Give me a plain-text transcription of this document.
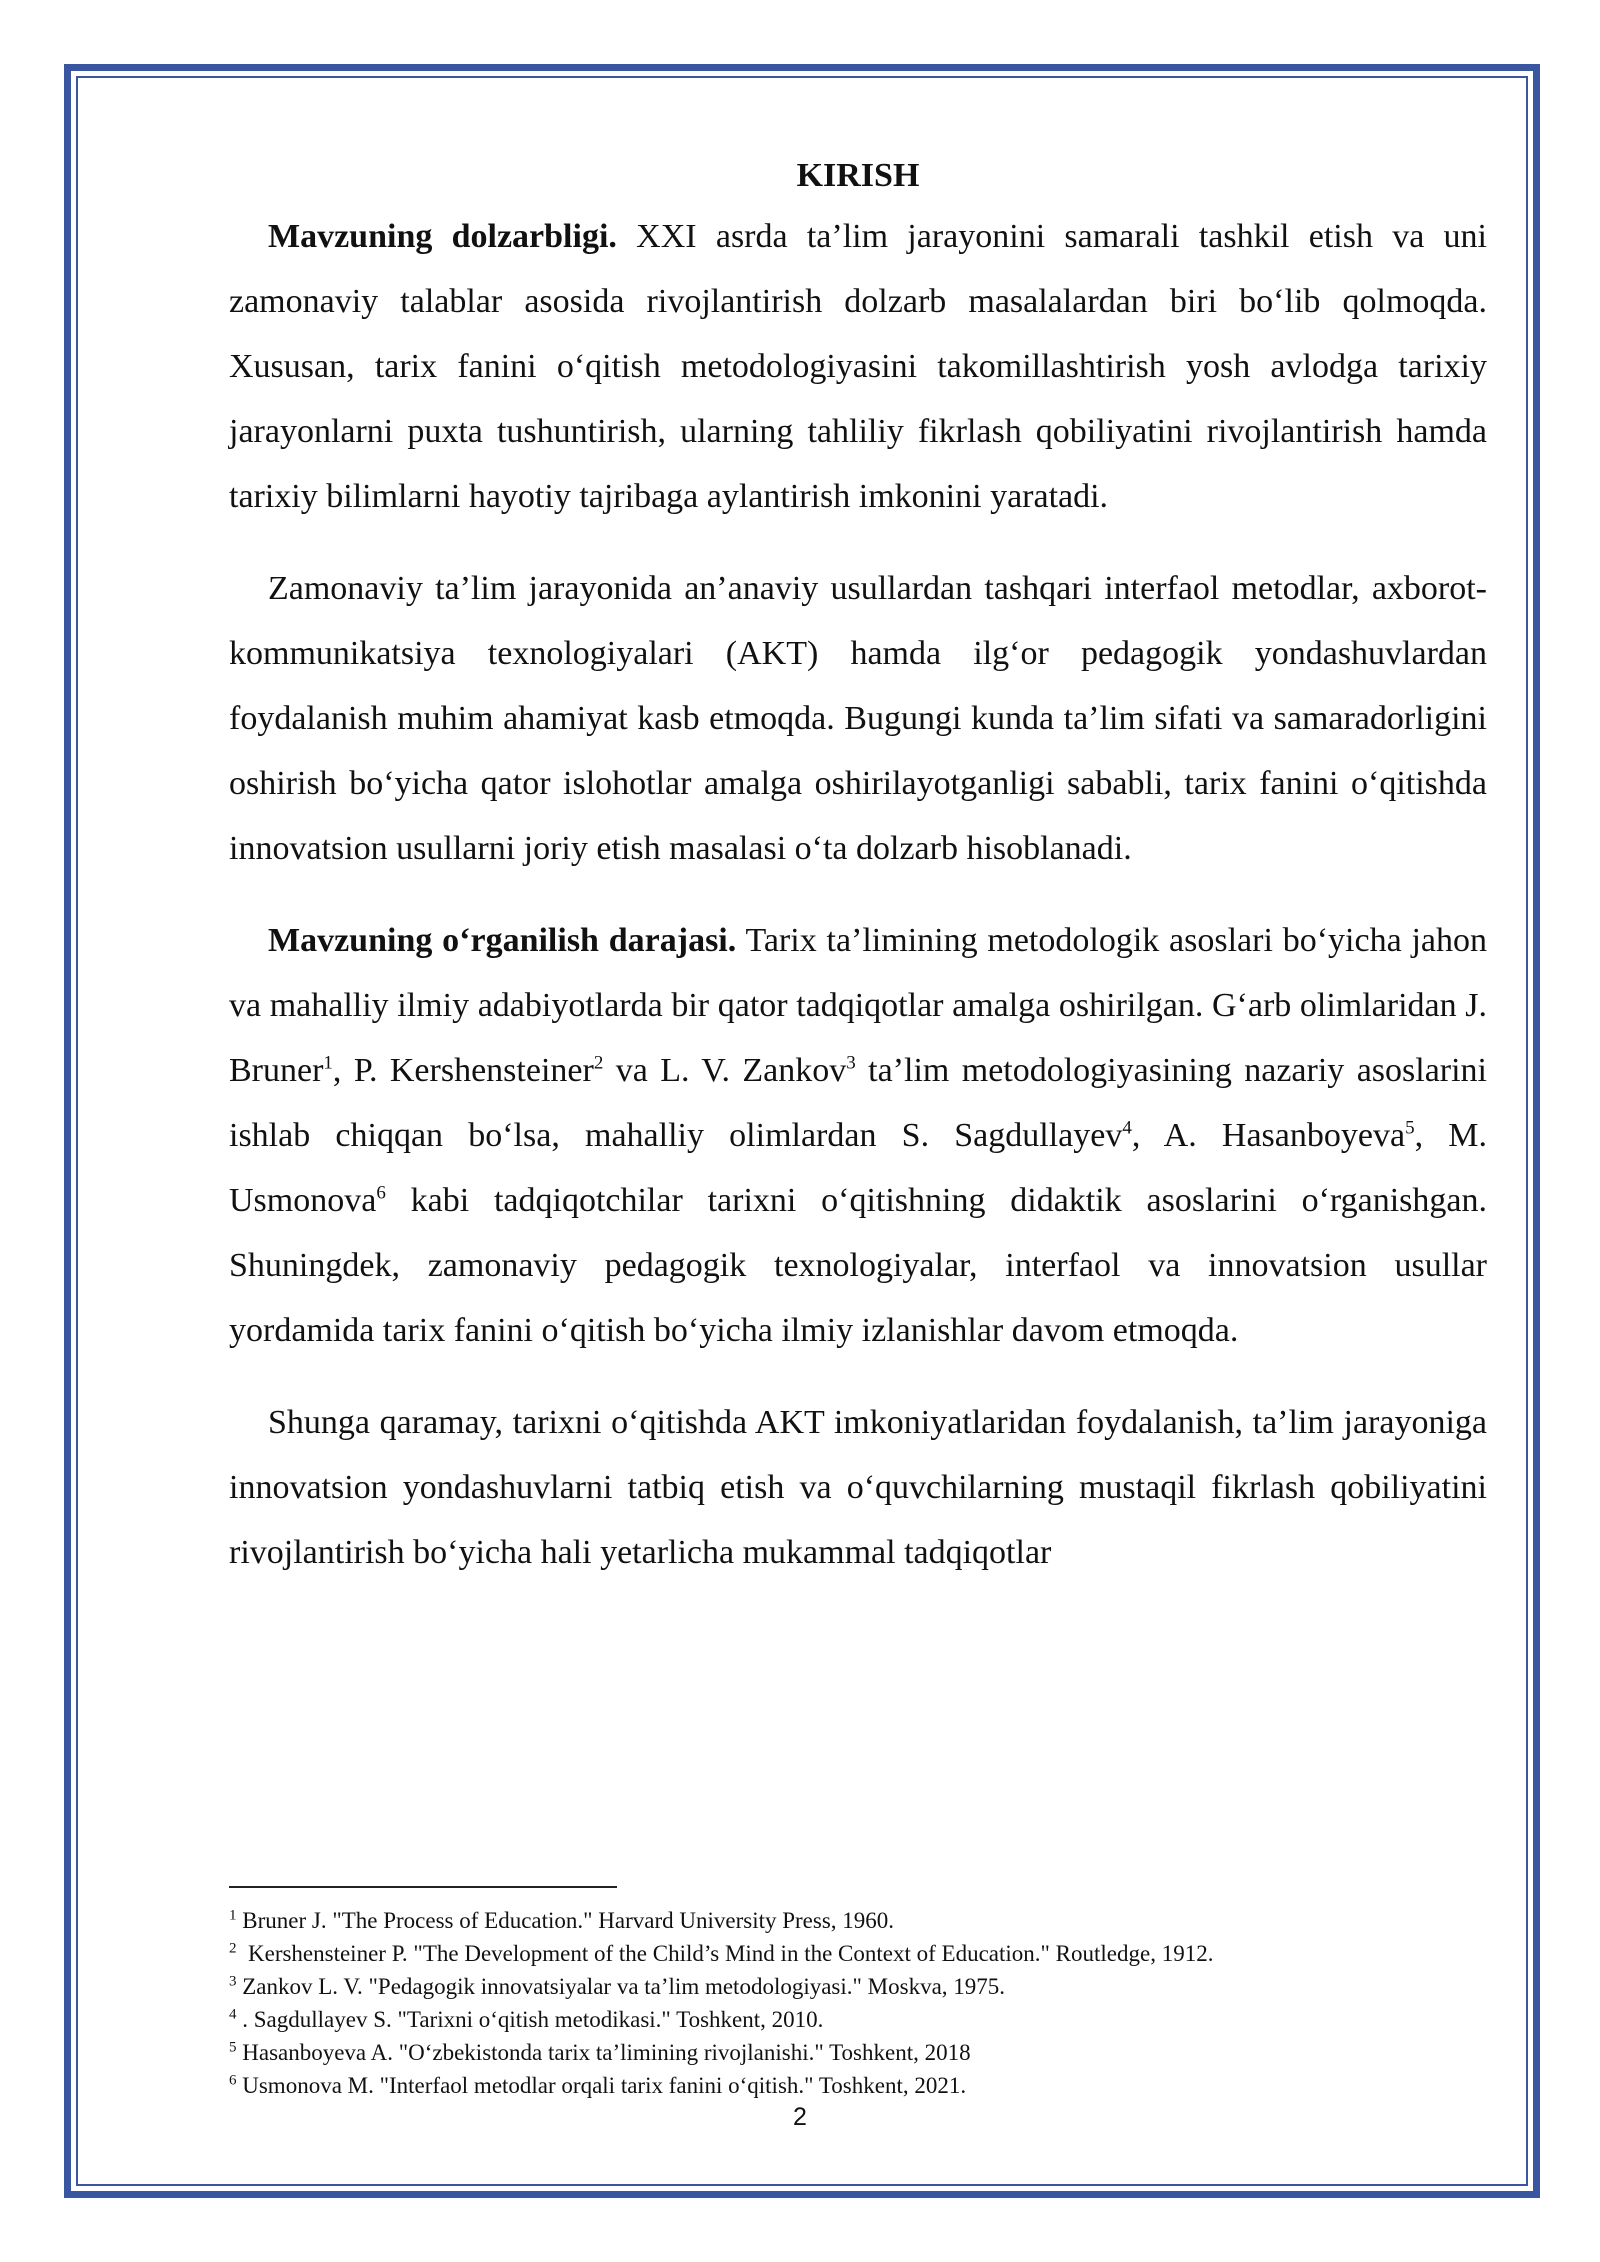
KIRISH

Mavzuning dolzarbligi. XXI asrda ta’lim jarayonini samarali tashkil etish va uni zamonaviy talablar asosida rivojlantirish dolzarb masalalardan biri bo‘lib qolmoqda. Xususan, tarix fanini o‘qitish metodologiyasini takomillashtirish yosh avlodga tarixiy jarayonlarni puxta tushuntirish, ularning tahliliy fikrlash qobiliyatini rivojlantirish hamda tarixiy bilimlarni hayotiy tajribaga aylantirish imkonini yaratadi.

Zamonaviy ta’lim jarayonida an’anaviy usullardan tashqari interfaol metodlar, axborot-kommunikatsiya texnologiyalari (AKT) hamda ilg‘or pedagogik yondashuvlardan foydalanish muhim ahamiyat kasb etmoqda. Bugungi kunda ta’lim sifati va samaradorligini oshirish bo‘yicha qator islohotlar amalga oshirilayotganligi sababli, tarix fanini o‘qitishda innovatsion usullarni joriy etish masalasi o‘ta dolzarb hisoblanadi.

Mavzuning o‘rganilish darajasi. Tarix ta’limining metodologik asoslari bo‘yicha jahon va mahalliy ilmiy adabiyotlarda bir qator tadqiqotlar amalga oshirilgan. G‘arb olimlaridan J. Bruner$^1$, P. Kershensteiner$^2$ va L. V. Zankov$^3$ ta’lim metodologiyasining nazariy asoslarini ishlab chiqqan bo‘lsa, mahalliy olimlardan S. Sagdullayev$^4$, A. Hasanboyeva$^5$, M. Usmonova$^6$ kabi tadqiqotchilar tarixni o‘qitishning didaktik asoslarini o‘rganishgan. Shuningdek, zamonaviy pedagogik texnologiyalar, interfaol va innovatsion usullar yordamida tarix fanini o‘qitish bo‘yicha ilmiy izlanishlar davom etmoqda.

Shunga qaramay, tarixni o‘qitishda AKT imkoniyatlaridan foydalanish, ta’lim jarayoniga innovatsion yondashuvlarni tatbiq etish va o‘quvchilarning mustaqil fikrlash qobiliyatini rivojlantirish bo‘yicha hali yetarlicha mukammal tadqiqotlar

$^1$ Bruner J. "The Process of Education." Harvard University Press, 1960.

$^2$  Kershensteiner P. "The Development of the Child’s Mind in the Context of Education." Routledge, 1912.

$^3$ Zankov L. V. "Pedagogik innovatsiyalar va ta’lim metodologiyasi." Moskva, 1975.

$^4$ . Sagdullayev S. "Tarixni o‘qitish metodikasi." Toshkent, 2010.

$^5$ Hasanboyeva A. "O‘zbekistonda tarix ta’limining rivojlanishi." Toshkent, 2018

$^6$ Usmonova M. "Interfaol metodlar orqali tarix fanini o‘qitish." Toshkent, 2021.

2
